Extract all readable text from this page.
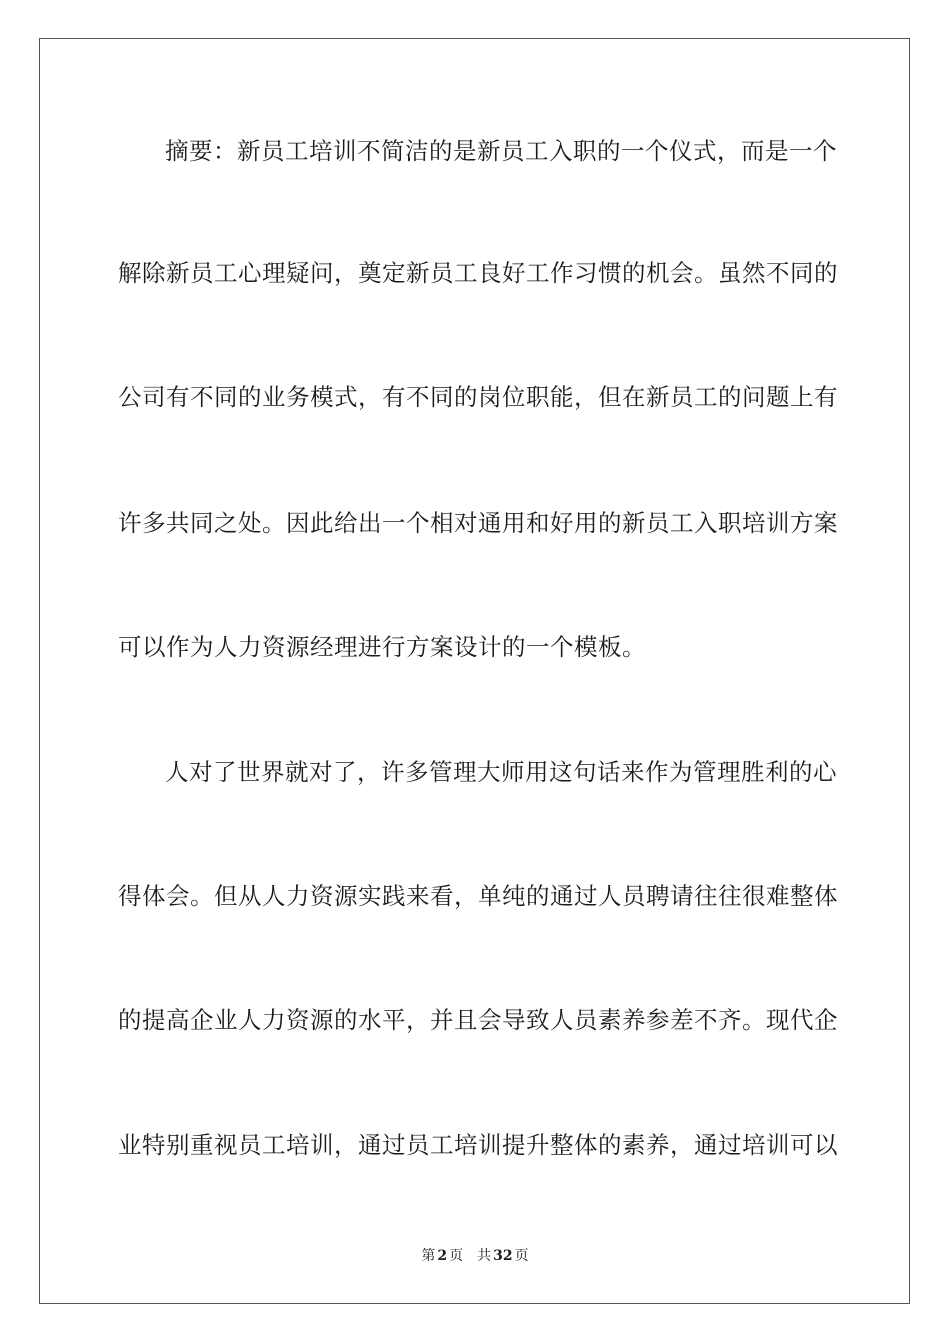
摘要：新员工培训不简洁的是新员工入职的一个仪式，而是一个
解除新员工心理疑问，奠定新员工良好工作习惯的机会。虽然不同的
公司有不同的业务模式，有不同的岗位职能，但在新员工的问题上有
许多共同之处。因此给出一个相对通用和好用的新员工入职培训方案
可以作为人力资源经理进行方案设计的一个模板。
人对了世界就对了，许多管理大师用这句话来作为管理胜利的心
得体会。但从人力资源实践来看，单纯的通过人员聘请往往很难整体
的提高企业人力资源的水平，并且会导致人员素养参差不齐。现代企
业特别重视员工培训，通过员工培训提升整体的素养，通过培训可以
第 2 页 共 32 页
